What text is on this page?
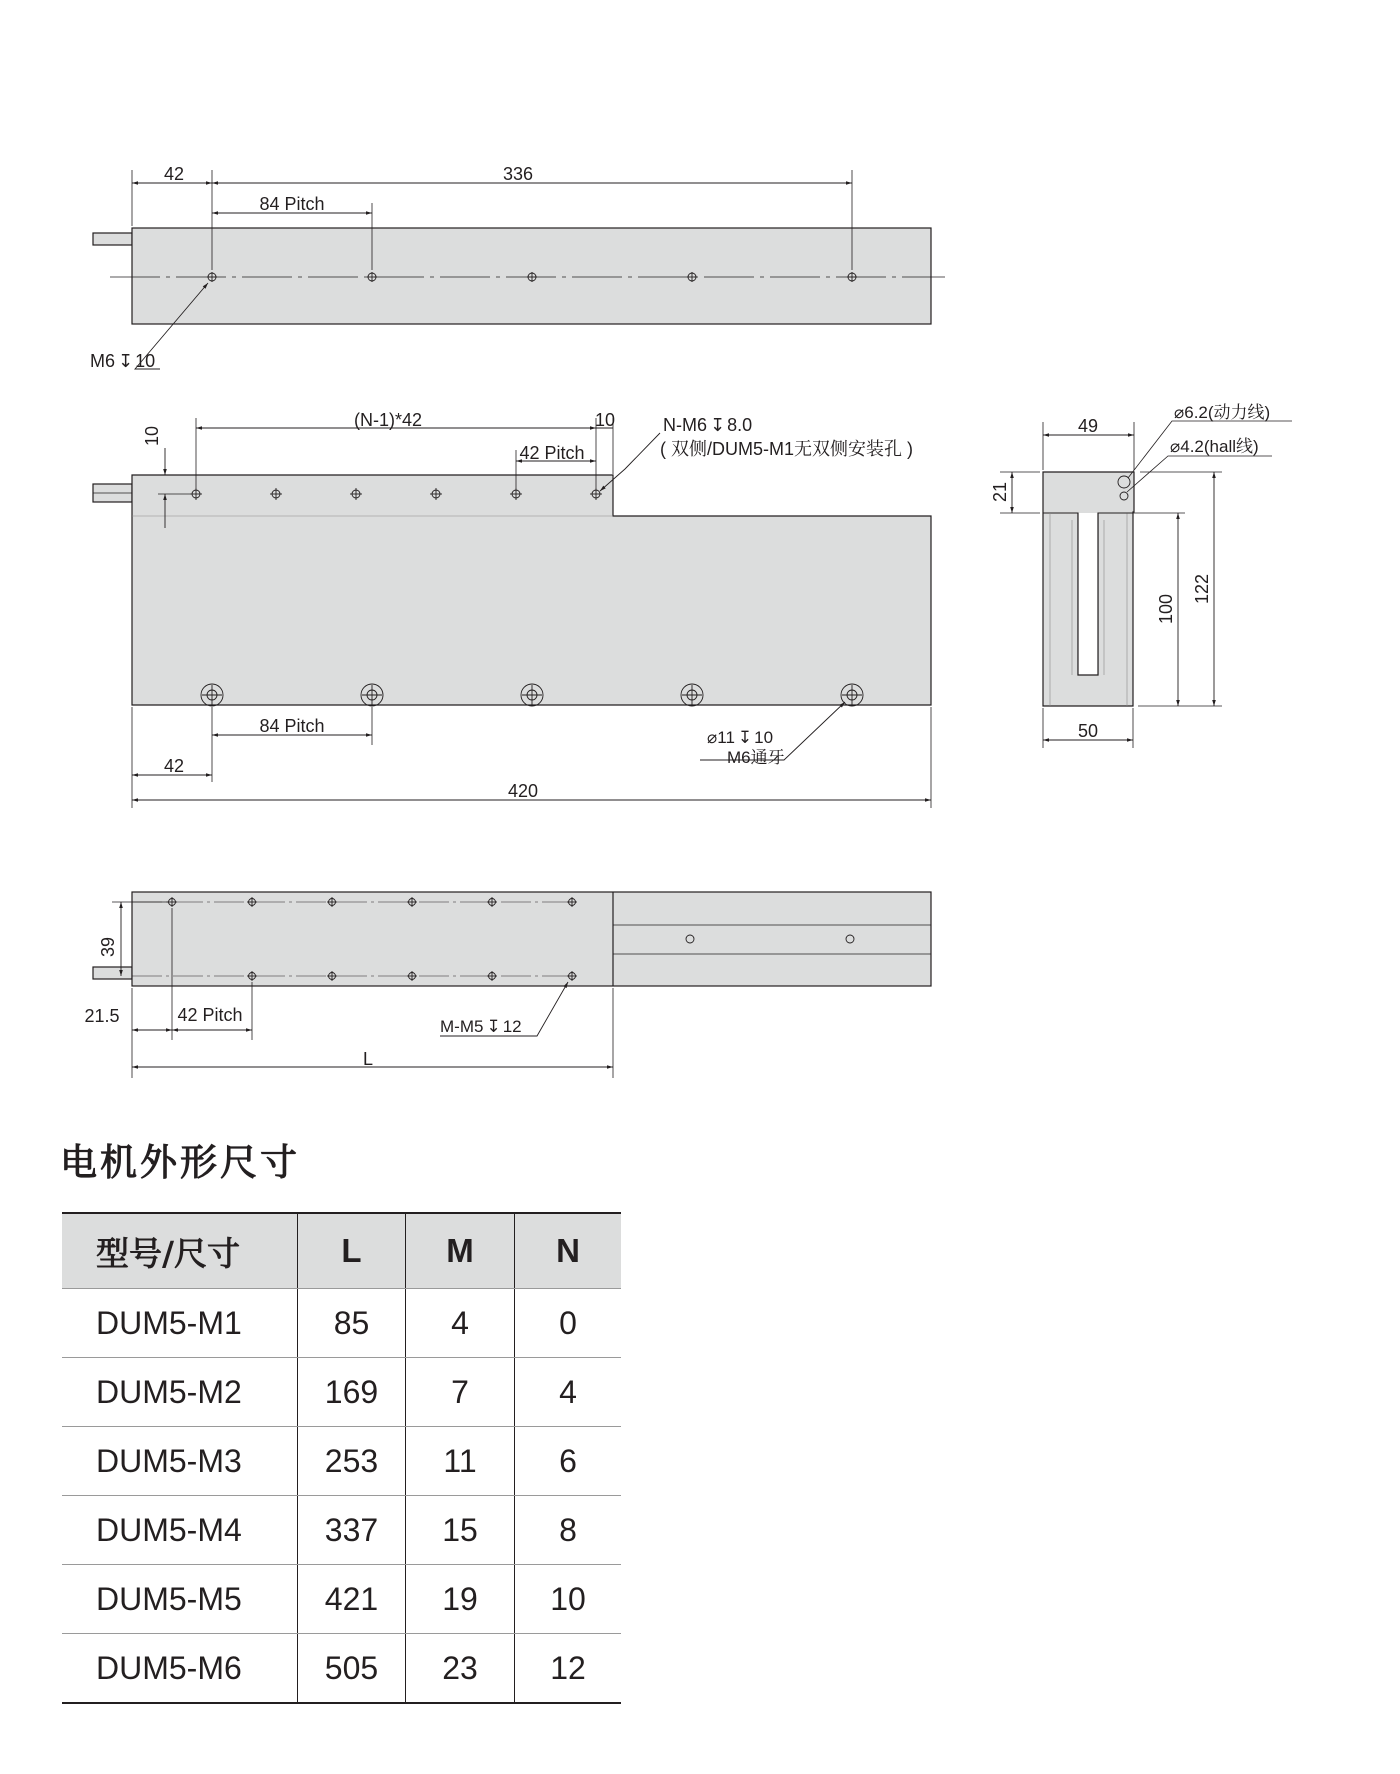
42	336
84 Pitch
M6 ↧ 10
10
(N-1)*42	10
42 Pitch
N-M6 ↧ 8.0
( 双侧/DUM5-M1无双侧安装孔 )
84 Pitch
42
420
⌀11 ↧ 10
M6通牙
49
⌀6.2(动力线)
⌀4.2(hall线)
21
100
122
50
39
21.5	42 Pitch
M-M5 ↧ 12
L
电机外形尺寸
型号/尺寸	L	M	N
DUM5-M1	85	4	0
DUM5-M2	169	7	4
DUM5-M3	253	11	6
DUM5-M4	337	15	8
DUM5-M5	421	19	10
DUM5-M6	505	23	12
